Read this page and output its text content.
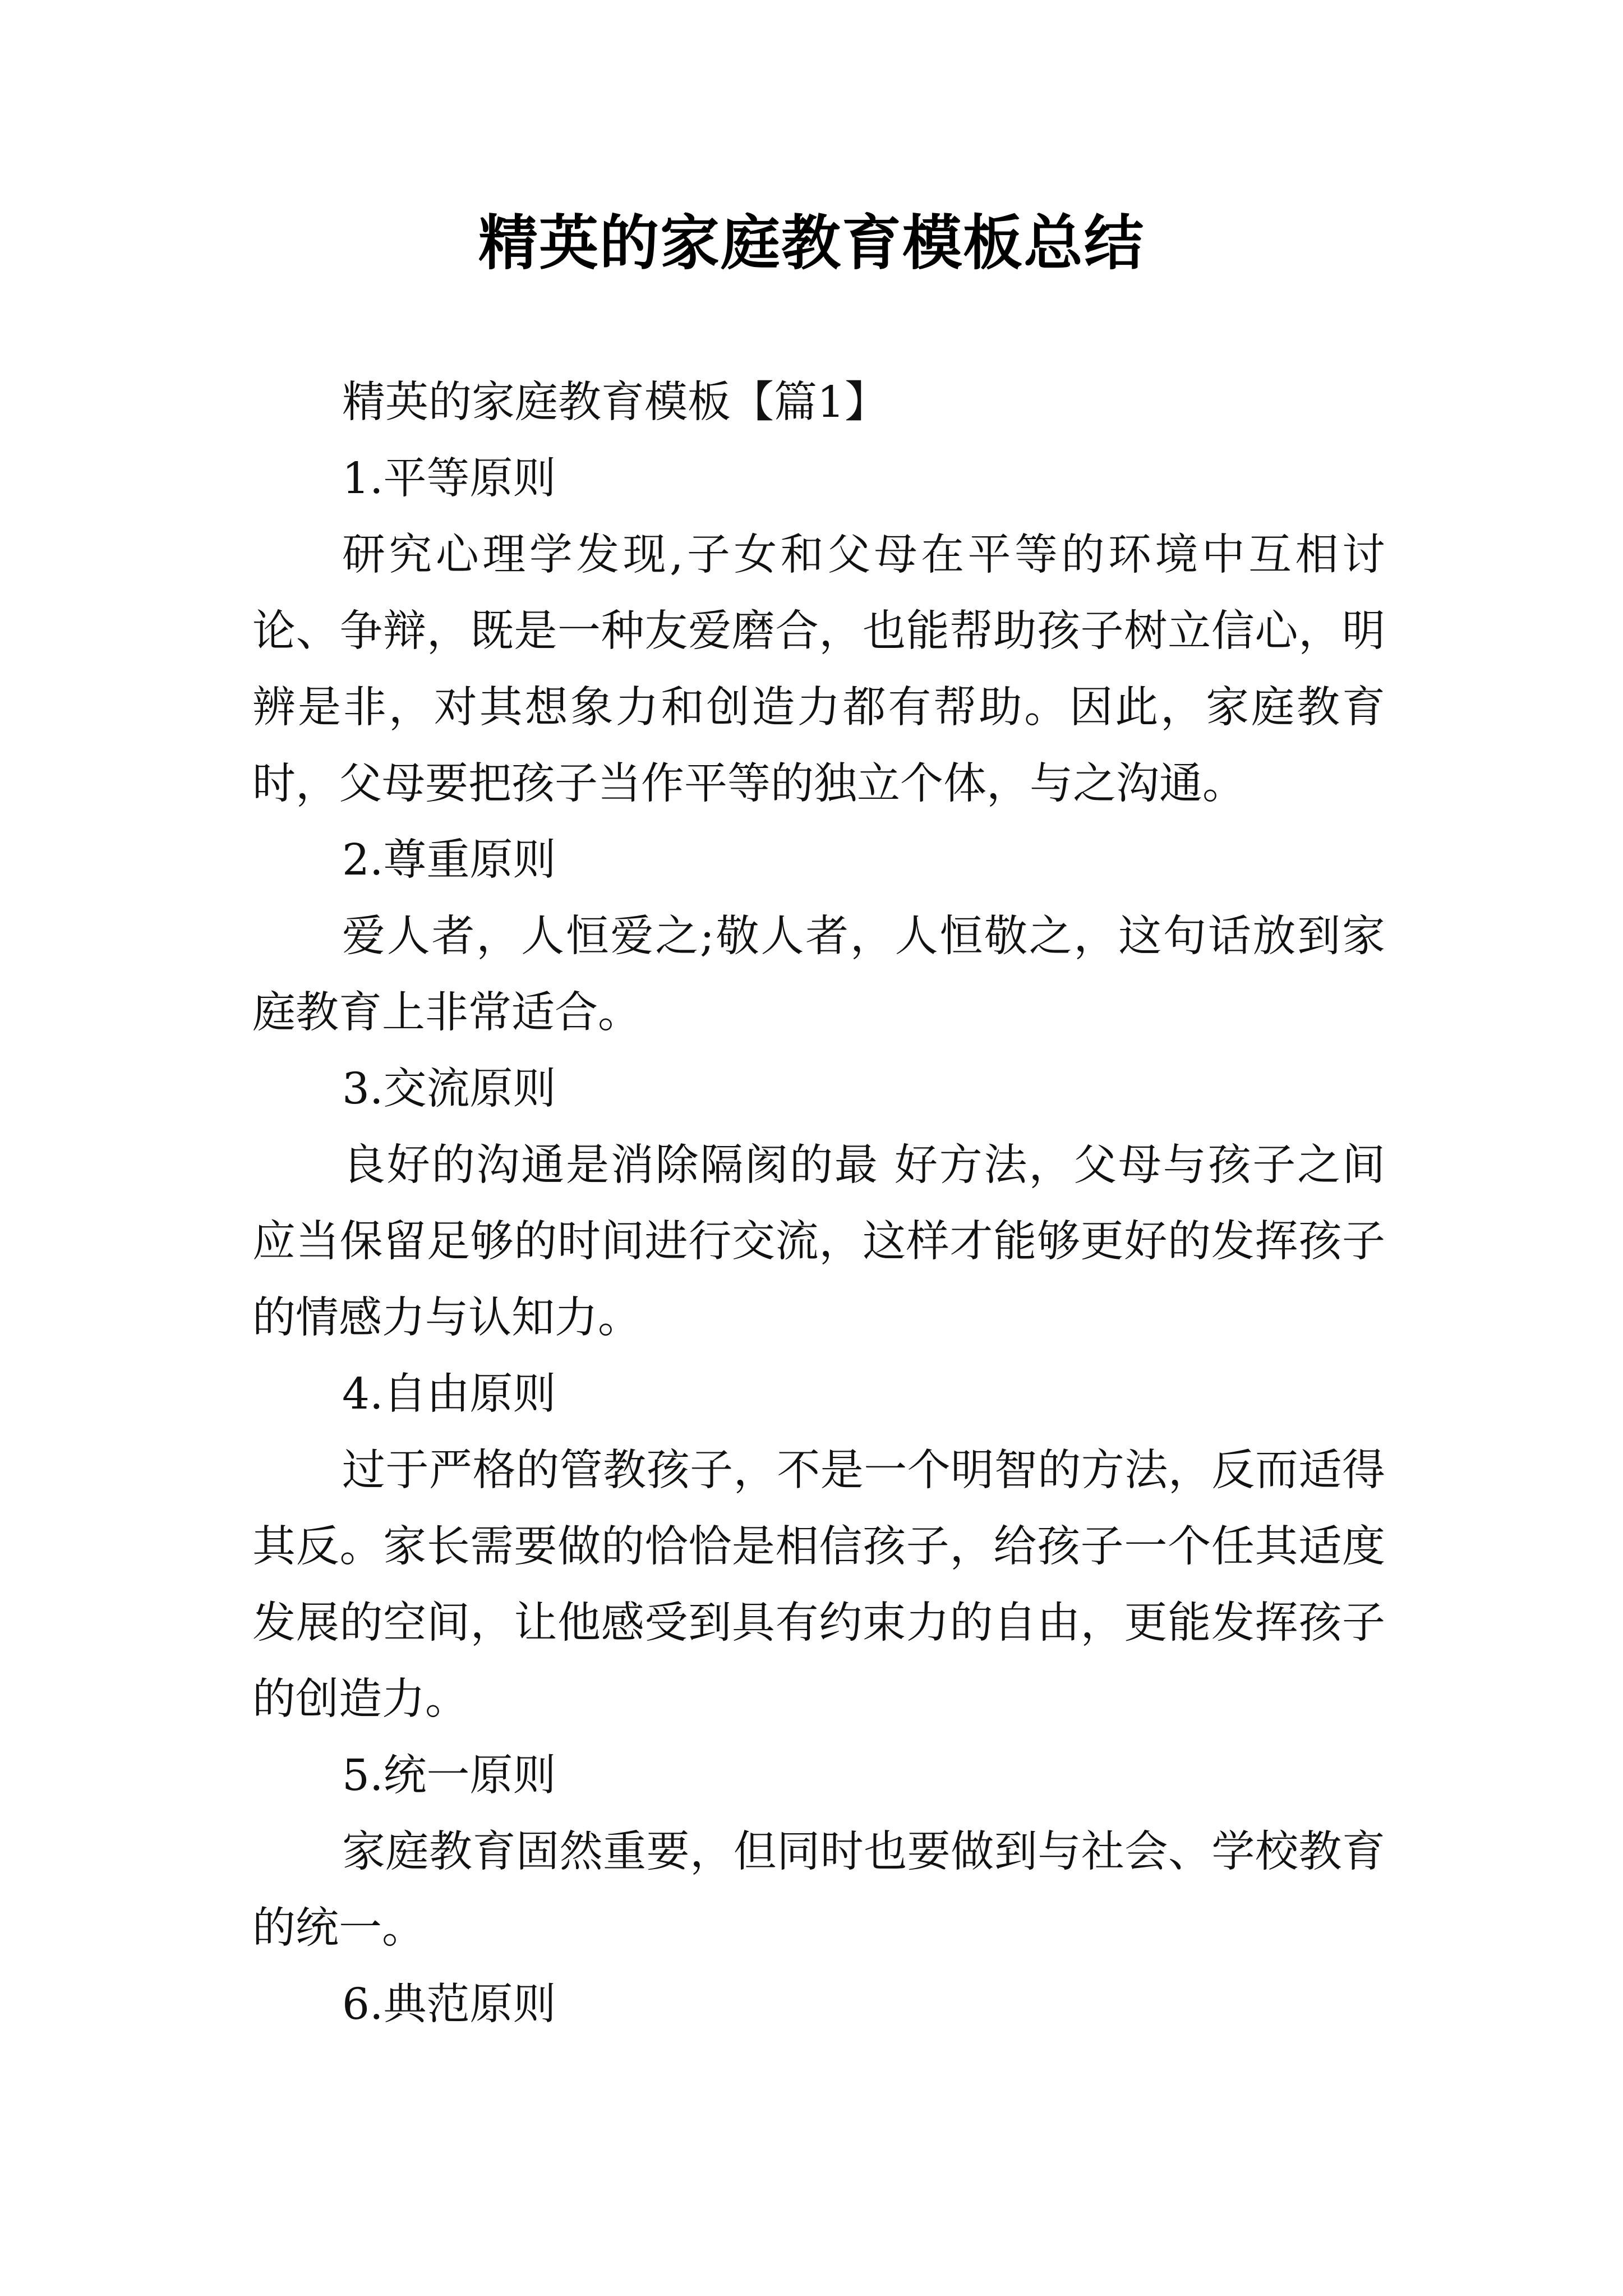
精英的家庭教育模板总结

精英的家庭教育模板【篇1】

1.平等原则

研究心理学发现,子女和父母在平等的环境中互相讨论、争辩，既是一种友爱磨合，也能帮助孩子树立信心，明辨是非，对其想象力和创造力都有帮助。因此，家庭教育时，父母要把孩子当作平等的独立个体，与之沟通。

2.尊重原则

爱人者，人恒爱之;敬人者，人恒敬之，这句话放到家庭教育上非常适合。

3.交流原则

良好的沟通是消除隔阂的最 好方法，父母与孩子之间应当保留足够的时间进行交流，这样才能够更好的发挥孩子的情感力与认知力。

4.自由原则

过于严格的管教孩子，不是一个明智的方法，反而适得其反。家长需要做的恰恰是相信孩子，给孩子一个任其适度发展的空间，让他感受到具有约束力的自由，更能发挥孩子的创造力。

5.统一原则

家庭教育固然重要，但同时也要做到与社会、学校教育的统一。

6.典范原则
